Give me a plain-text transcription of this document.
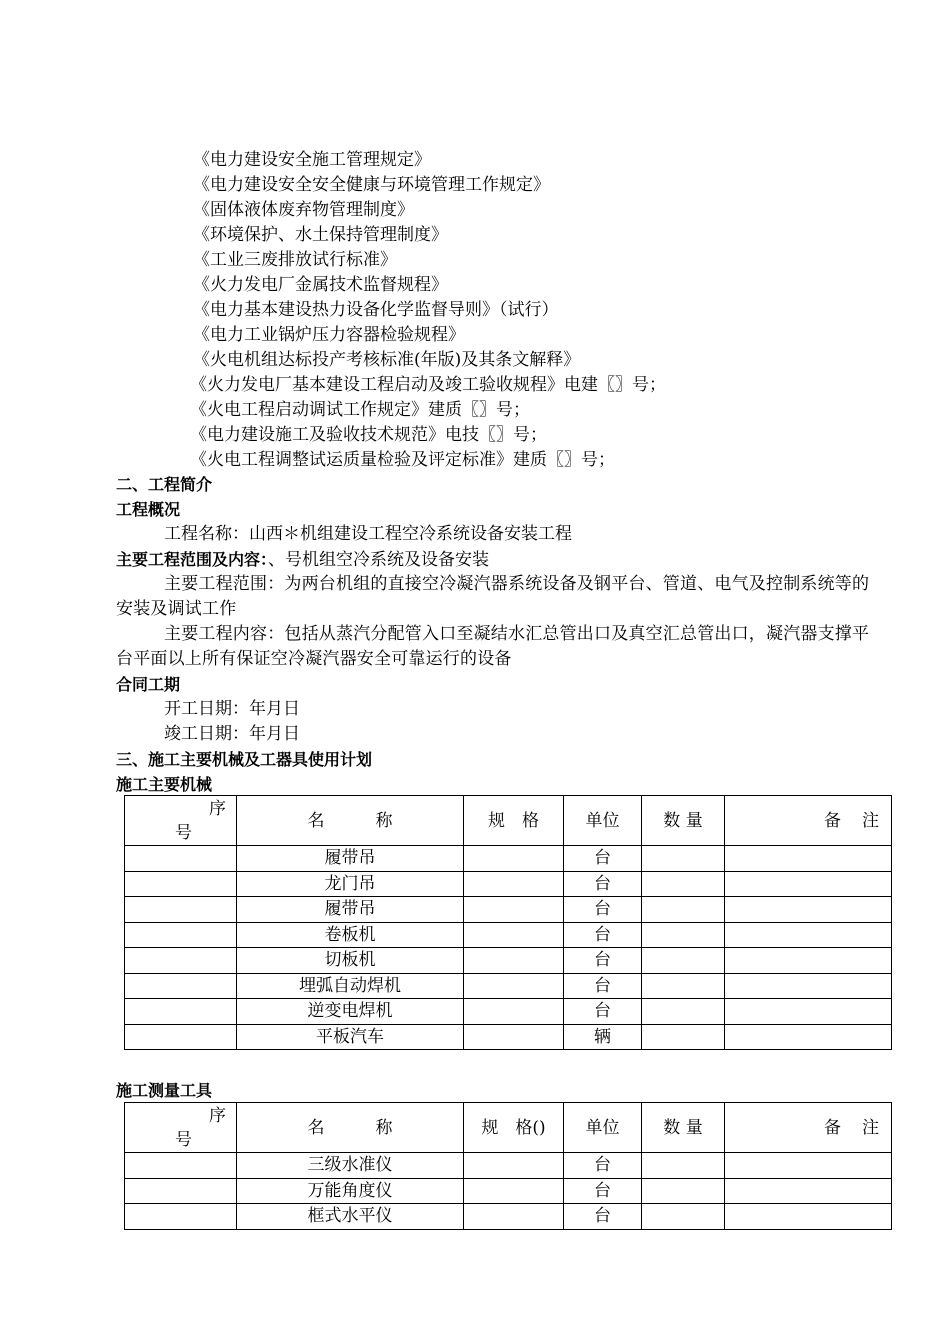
《电力建设安全施工管理规定》
《电力建设安全安全健康与环境管理工作规定》
《固体液体废弃物管理制度》
《环境保护、水土保持管理制度》
《工业三废排放试行标准》
《火力发电厂金属技术监督规程》
《电力基本建设热力设备化学监督导则》（试行）
《电力工业锅炉压力容器检验规程》
《火电机组达标投产考核标准(年版)及其条文解释》
《火力发电厂基本建设工程启动及竣工验收规程》电建〖〗号；
《火电工程启动调试工作规定》建质〖〗号；
《电力建设施工及验收技术规范》电技〖〗号；
《火电工程调整试运质量检验及评定标准》建质〖〗号；
二、工程简介
工程概况
工程名称：山西＊机组建设工程空冷系统设备安装工程
主要工程范围及内容：、号机组空冷系统及设备安装
主要工程范围：为两台机组的直接空冷凝汽器系统设备及钢平台、管道、电气及控制系统等的安装及调试工作
主要工程内容：包括从蒸汽分配管入口至凝结水汇总管出口及真空汇总管出口，凝汽器支撑平台平面以上所有保证空冷凝汽器安全可靠运行的设备
合同工期
开工日期：年月日
竣工日期：年月日
三、施工主要机械及工器具使用计划
施工主要机械
序
号	名　　　称	规　格	单位	数 量	备　注
	履带吊		台		
	龙门吊		台		
	履带吊		台		
	卷板机		台		
	切板机		台		
	埋弧自动焊机		台		
	逆变电焊机		台		
	平板汽车		辆		
施工测量工具
序
号	名　　　称	规　格()	单位	数 量	备　注
	三级水准仪		台		
	万能角度仪		台		
	框式水平仪		台		
